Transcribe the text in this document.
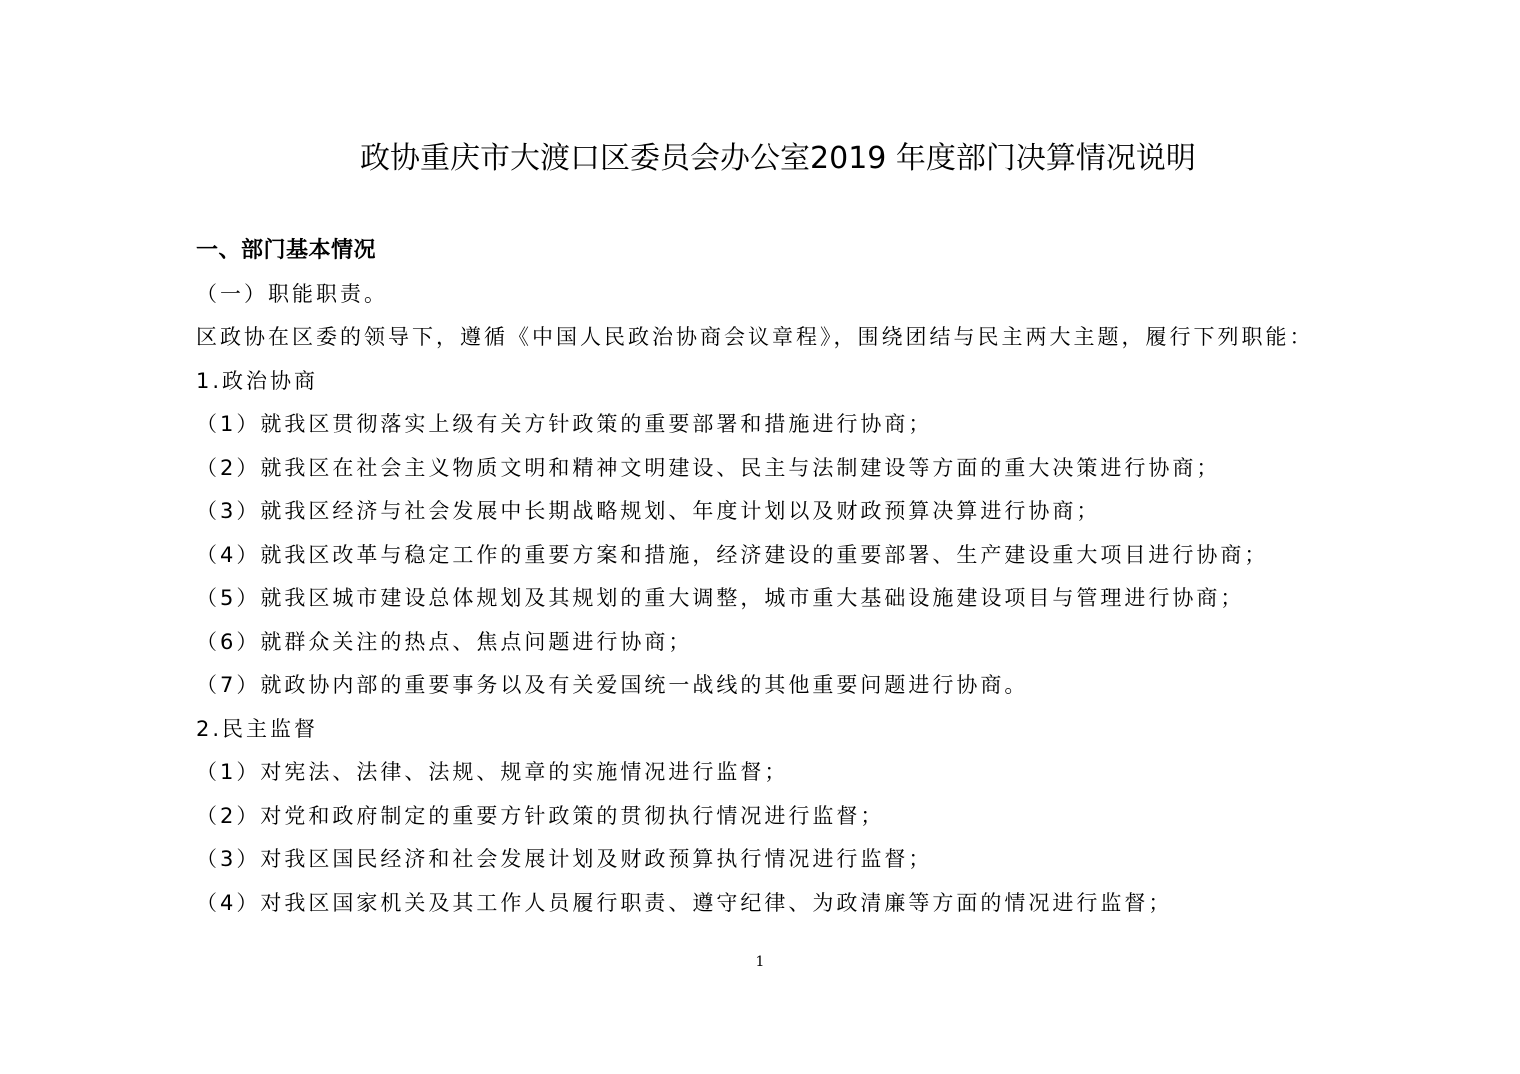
政协重庆市大渡口区委员会办公室2019 年度部门决算情况说明
一、部门基本情况
（一）职能职责。
区政协在区委的领导下，遵循《中国人民政治协商会议章程》，围绕团结与民主两大主题，履行下列职能：
1.政治协商
（1）就我区贯彻落实上级有关方针政策的重要部署和措施进行协商；
（2）就我区在社会主义物质文明和精神文明建设、民主与法制建设等方面的重大决策进行协商；
（3）就我区经济与社会发展中长期战略规划、年度计划以及财政预算决算进行协商；
（4）就我区改革与稳定工作的重要方案和措施，经济建设的重要部署、生产建设重大项目进行协商；
（5）就我区城市建设总体规划及其规划的重大调整，城市重大基础设施建设项目与管理进行协商；
（6）就群众关注的热点、焦点问题进行协商；
（7）就政协内部的重要事务以及有关爱国统一战线的其他重要问题进行协商。
2.民主监督
（1）对宪法、法律、法规、规章的实施情况进行监督；
（2）对党和政府制定的重要方针政策的贯彻执行情况进行监督；
（3）对我区国民经济和社会发展计划及财政预算执行情况进行监督；
（4）对我区国家机关及其工作人员履行职责、遵守纪律、为政清廉等方面的情况进行监督；
1
